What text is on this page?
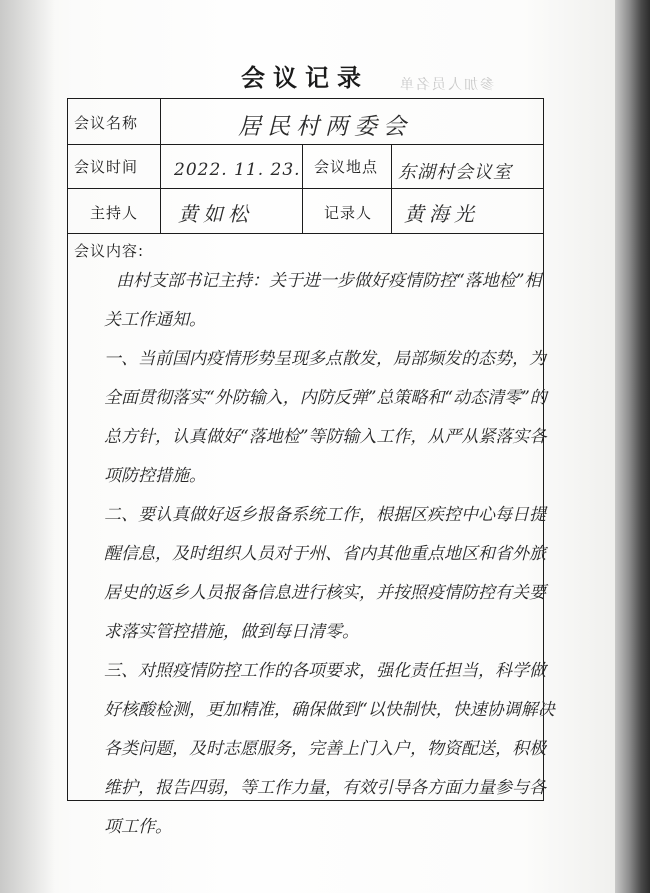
参加人员名单
会议记录
会议名称	居民村两委会
会议时间 2022. 11. 23. 会议地点 东湖村会议室
主持人 黄如松	记录人 黄海光
会议内容:

由村支部书记主持：关于进一步做好疫情防控“落地检”相关工作通知。

一、当前国内疫情形势呈现多点散发，局部频发的态势，为全面贯彻落实“外防输入，内防反弹”总策略和“动态清零”的总方针，认真做好“落地检”等防输入工作，从严从紧落实各项防控措施。

二、要认真做好返乡报备系统工作，根据区疾控中心每日提醒信息，及时组织人员对于州、省内其他重点地区和省外旅居史的返乡人员报备信息进行核实，并按照疫情防控有关要求落实管控措施，做到每日清零。

三、对照疫情防控工作的各项要求，强化责任担当，科学做好核酸检测，更加精准，确保做到“以快制快，快速协调解决各类问题，及时志愿服务，完善上门入户，物资配送，积极维护，报告四弱，等工作力量，有效引导各方面力量参与各项工作。
